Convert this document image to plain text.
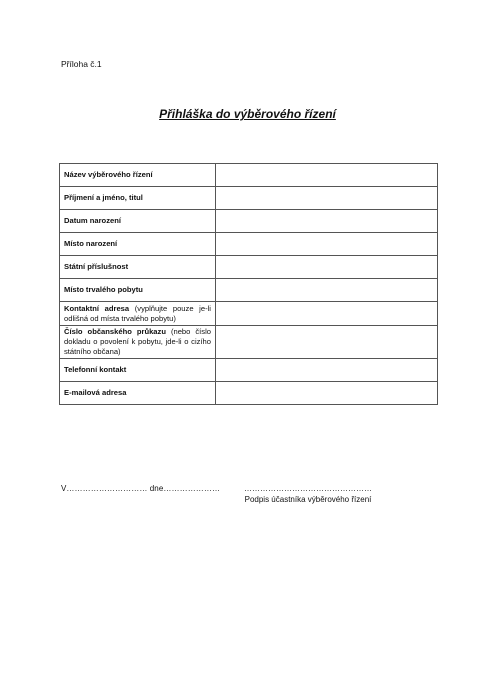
Příloha č.1
Přihláška do výběrového řízení
Název výběrového řízení	
Příjmení a jméno, titul	
Datum narození	
Místo narození	
Státní příslušnost	
Místo trvalého pobytu	
Kontaktní adresa (vyplňujte pouze je-li odlišná od místa trvalého pobytu)	
Číslo občanského průkazu (nebo číslo dokladu o povolení k pobytu, jde-li o cizího státního občana)	
Telefonní kontakt	
E-mailová adresa	
V………………………… dne…………………	…………………………………………
Podpis účastníka výběrového řízení
